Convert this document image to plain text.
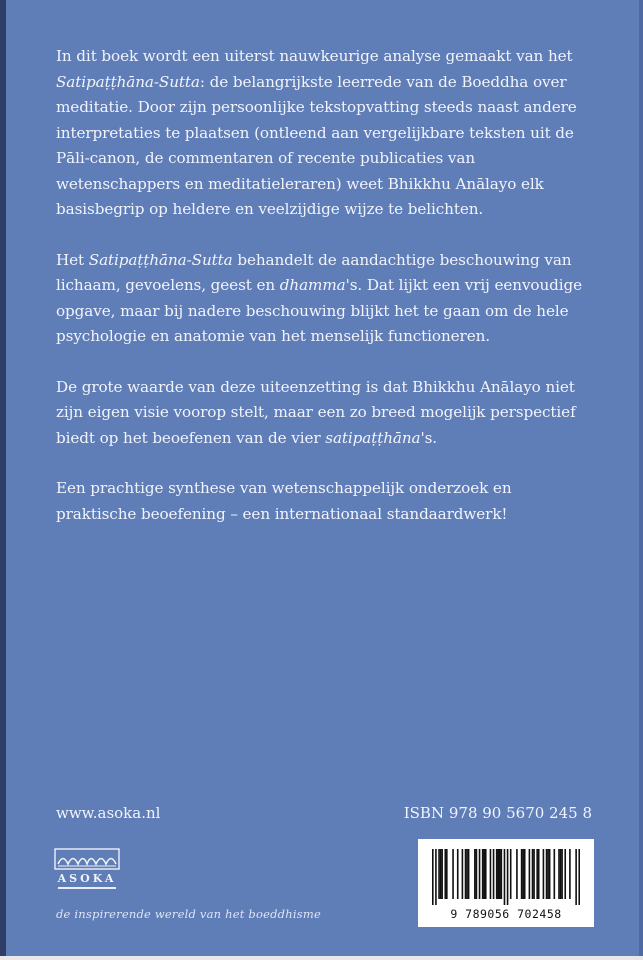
In dit boek wordt een uiterst nauwkeurige analyse gemaakt van het Satipaṭṭhāna-Sutta: de belangrijkste leerrede van de Boeddha over meditatie. Door zijn persoonlijke tekstopvatting steeds naast andere interpretaties te plaatsen (ontleend aan vergelijkbare teksten uit de Pāli-canon, de commentaren of recente publicaties van wetenschappers en meditatieleraren) weet Bhikkhu Anālayo elk basisbegrip op heldere en veelzijdige wijze te belichten.

Het Satipaṭṭhāna-Sutta behandelt de aandachtige beschouwing van lichaam, gevoelens, geest en dhamma's. Dat lijkt een vrij eenvoudige opgave, maar bij nadere beschouwing blijkt het te gaan om de hele psychologie en anatomie van het menselijk functioneren.

De grote waarde van deze uiteenzetting is dat Bhikkhu Anālayo niet zijn eigen visie voorop stelt, maar een zo breed mogelijk perspectief biedt op het beoefenen van de vier satipaṭṭhāna's.

Een prachtige synthese van wetenschappelijk onderzoek en praktische beoefening – een internationaal standaardwerk!

www.asoka.nl	ISBN 978 90 5670 245 8
ASOKA
de inspirerende wereld van het boeddhisme	9 789056 702458
